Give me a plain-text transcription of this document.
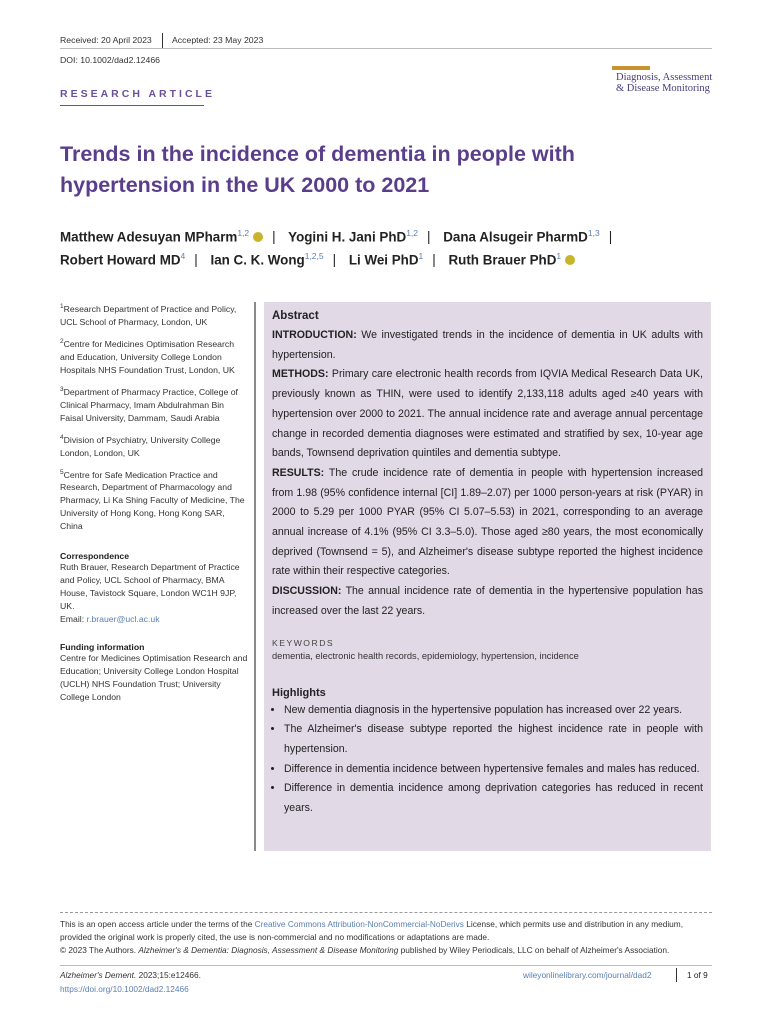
Received: 20 April 2023 Accepted: 23 May 2023
DOI: 10.1002/dad2.12466
Diagnosis, Assessment
& Disease Monitoring
RESEARCH ARTICLE
Trends in the incidence of dementia in people with hypertension in the UK 2000 to 2021
Matthew Adesuyan MPharm$^{1,2}$ | Yogini H. Jani PhD$^{1,2}$ | Dana Alsugeir PharmD$^{1,3}$ |
Robert Howard $MD^4$ | Ian C. K. Wong$^{1,2,5}$ | Li Wei PhD$^1$ | Ruth Brauer PhD$^1$
$^1$Research Department of Practice and Policy, UCL School of Pharmacy, London, UK
$^2$Centre for Medicines Optimisation Research and Education, University College London Hospitals NHS Foundation Trust, London, UK
$^3$Department of Pharmacy Practice, College of Clinical Pharmacy, Imam Abdulrahman Bin Faisal University, Dammam, Saudi Arabia
$^4$Division of Psychiatry, University College London, London, UK
$^5$Centre for Safe Medication Practice and Research, Department of Pharmacology and Pharmacy, Li Ka Shing Faculty of Medicine, The University of Hong Kong, Hong Kong SAR, China
Correspondence
Ruth Brauer, Research Department of Practice and Policy, UCL School of Pharmacy, BMA House, Tavistock Square, London WC1H 9JP, UK.
Email: r.brauer@ucl.ac.uk
Funding information
Centre for Medicines Optimisation Research and Education; University College London Hospital (UCLH) NHS Foundation Trust; University College London
Abstract
INTRODUCTION: We investigated trends in the incidence of dementia in UK adults with hypertension.
METHODS: Primary care electronic health records from IQVIA Medical Research Data UK, previously known as THIN, were used to identify 2,133,118 adults aged ≥40 years with hypertension over 2000 to 2021. The annual incidence rate and average annual percentage change in recorded dementia diagnoses were estimated and stratified by sex, 10-year age bands, Townsend deprivation quintiles and dementia subtype.
RESULTS: The crude incidence rate of dementia in people with hypertension increased from 1.98 (95% confidence internal [CI] 1.89–2.07) per 1000 person-years at risk (PYAR) in 2000 to 5.29 per 1000 PYAR (95% CI 5.07–5.53) in 2021, corresponding to an average annual increase of 4.1% (95% CI 3.3–5.0). Those aged ≥80 years, the most economically deprived (Townsend = 5), and Alzheimer's disease subtype reported the highest incidence rate within their respective categories.
DISCUSSION: The annual incidence rate of dementia in the hypertensive population has increased over the last 22 years.
KEYWORDS
dementia, electronic health records, epidemiology, hypertension, incidence
Highlights
• New dementia diagnosis in the hypertensive population has increased over 22 years.
• The Alzheimer's disease subtype reported the highest incidence rate in people with hypertension.
• Difference in dementia incidence between hypertensive females and males has reduced.
• Difference in dementia incidence among deprivation categories has reduced in recent years.
This is an open access article under the terms of the Creative Commons Attribution-NonCommercial-NoDerivs License, which permits use and distribution in any medium, provided the original work is properly cited, the use is non-commercial and no modifications or adaptations are made.
© 2023 The Authors. Alzheimer's & Dementia: Diagnosis, Assessment & Disease Monitoring published by Wiley Periodicals, LLC on behalf of Alzheimer's Association.
Alzheimer's Dement. 2023;15:e12466.
https://doi.org/10.1002/dad2.12466
wileyonlinelibrary.com/journal/dad2	1 of 9
